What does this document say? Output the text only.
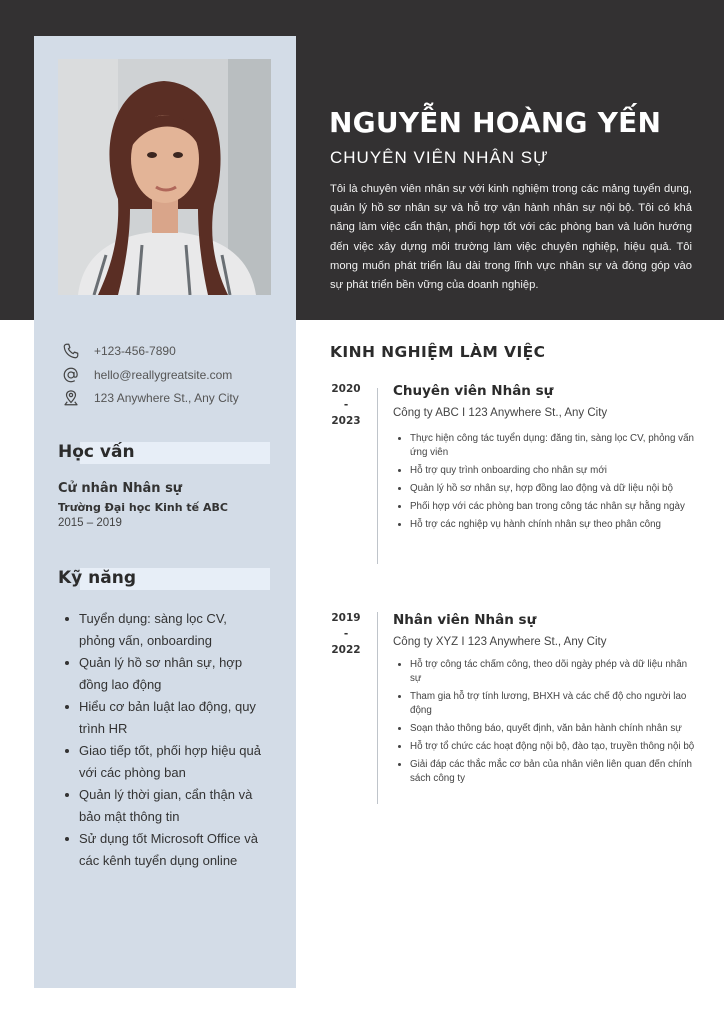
NGUYỄN HOÀNG YẾN
CHUYÊN VIÊN NHÂN SỰ

Tôi là chuyên viên nhân sự với kinh nghiệm trong các mảng tuyển dụng, quản lý hồ sơ nhân sự và hỗ trợ vận hành nhân sự nội bộ. Tôi có khả năng làm việc cẩn thận, phối hợp tốt với các phòng ban và luôn hướng đến việc xây dựng môi trường làm việc chuyên nghiệp, hiệu quả. Tôi mong muốn phát triển lâu dài trong lĩnh vực nhân sự và đóng góp vào sự phát triển bền vững của doanh nghiệp.

+123-456-7890
hello@reallygreatsite.com
123 Anywhere St., Any City
Học vấn
Cử nhân Nhân sự
Trường Đại học Kinh tế ABC
2015 – 2019
Kỹ năng
Tuyển dụng: sàng lọc CV, phỏng vấn, onboarding
Quản lý hồ sơ nhân sự, hợp đồng lao động
Hiểu cơ bản luật lao động, quy trình HR
Giao tiếp tốt, phối hợp hiệu quả với các phòng ban
Quản lý thời gian, cẩn thận và bảo mật thông tin
Sử dụng tốt Microsoft Office và các kênh tuyển dụng online
KINH NGHIỆM LÀM VIỆC
2020
-
2023
Chuyên viên Nhân sự
Công ty ABC I 123 Anywhere St., Any City
Thực hiện công tác tuyển dụng: đăng tin, sàng lọc CV, phỏng vấn ứng viên
Hỗ trợ quy trình onboarding cho nhân sự mới
Quản lý hồ sơ nhân sự, hợp đồng lao động và dữ liệu nội bộ
Phối hợp với các phòng ban trong công tác nhân sự hằng ngày
Hỗ trợ các nghiệp vụ hành chính nhân sự theo phân công
2019
-
2022
Nhân viên Nhân sự
Công ty XYZ I 123 Anywhere St., Any City
Hỗ trợ công tác chấm công, theo dõi ngày phép và dữ liệu nhân sự
Tham gia hỗ trợ tính lương, BHXH và các chế độ cho người lao động
Soạn thảo thông báo, quyết định, văn bản hành chính nhân sự
Hỗ trợ tổ chức các hoạt động nội bộ, đào tạo, truyền thông nội bộ
Giải đáp các thắc mắc cơ bản của nhân viên liên quan đến chính sách công ty
